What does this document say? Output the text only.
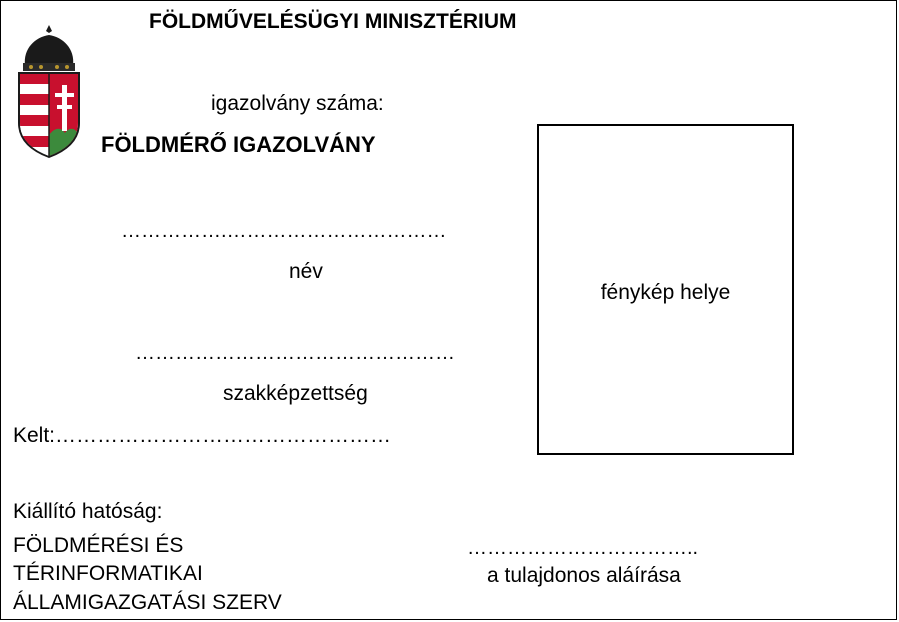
FÖLDMŰVELÉSÜGYI MINISZTÉRIUM
igazolvány száma:
FÖLDMÉRŐ IGAZOLVÁNY
…………….……………………………
név
…………………………………………
szakképzettség
Kelt:…………………………………………
fénykép helye
Kiállító hatóság:
FÖLDMÉRÉSI ÉS
TÉRINFORMATIKAI
ÁLLAMIGAZGATÁSI SZERV
……………………………..
a tulajdonos aláírása
